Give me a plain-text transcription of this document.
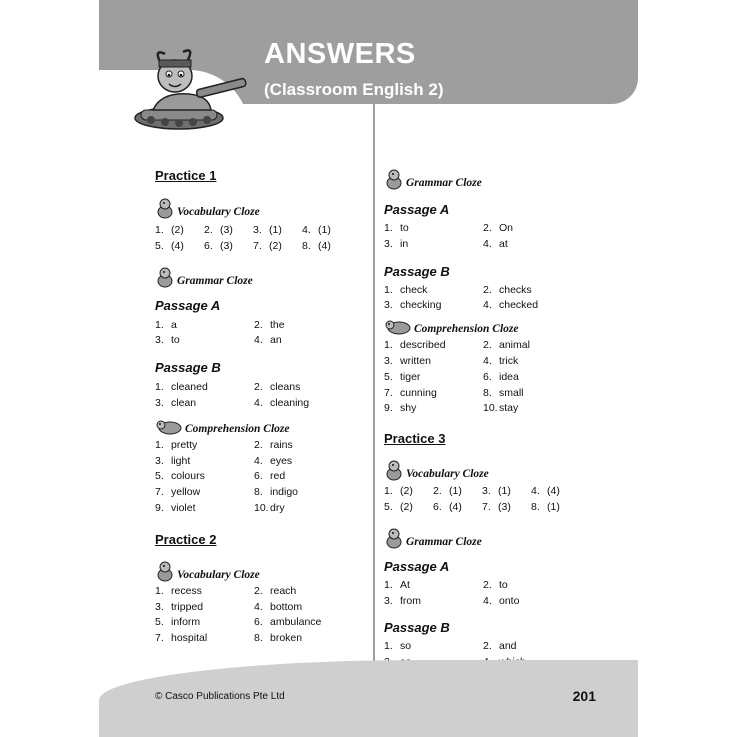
ANSWERS

(Classroom English 2)

Practice 1

Vocabulary Cloze
1. (2)	2. (3)	3. (1)	4. (1)
5. (4)	6. (3)	7. (2)	8. (4)
Grammar Cloze

Passage A

1. a	2. the
3. to	4. an

Passage B

1. cleaned	2. cleans
3. clean	4. cleaning
Comprehension Cloze
1. pretty	2. rains
3. light	4. eyes
5. colours	6. red
7. yellow	8. indigo
9. violet	10.dry

Practice 2

Vocabulary Cloze
1. recess	2. reach
3. tripped	4. bottom
5. inform	6. ambulance
7. hospital	8. broken
Grammar Cloze

Passage A

1. to	2. On
3. in	4. at

Passage B

1. check	2. checks
3. checking	4. checked
Comprehension Cloze
1. described	2. animal
3. written	4. trick
5. tiger	6. idea
7. cunning	8. small
9. shy	10.stay

Practice 3

Vocabulary Cloze
1. (2)	2. (1)	3. (1)	4. (4)
5. (2)	6. (4)	7. (3)	8. (1)
Grammar Cloze

Passage A

1. At	2. to
3. from	4. onto

Passage B

1. so	2. and

© Casco Publications Pte Ltd	201
